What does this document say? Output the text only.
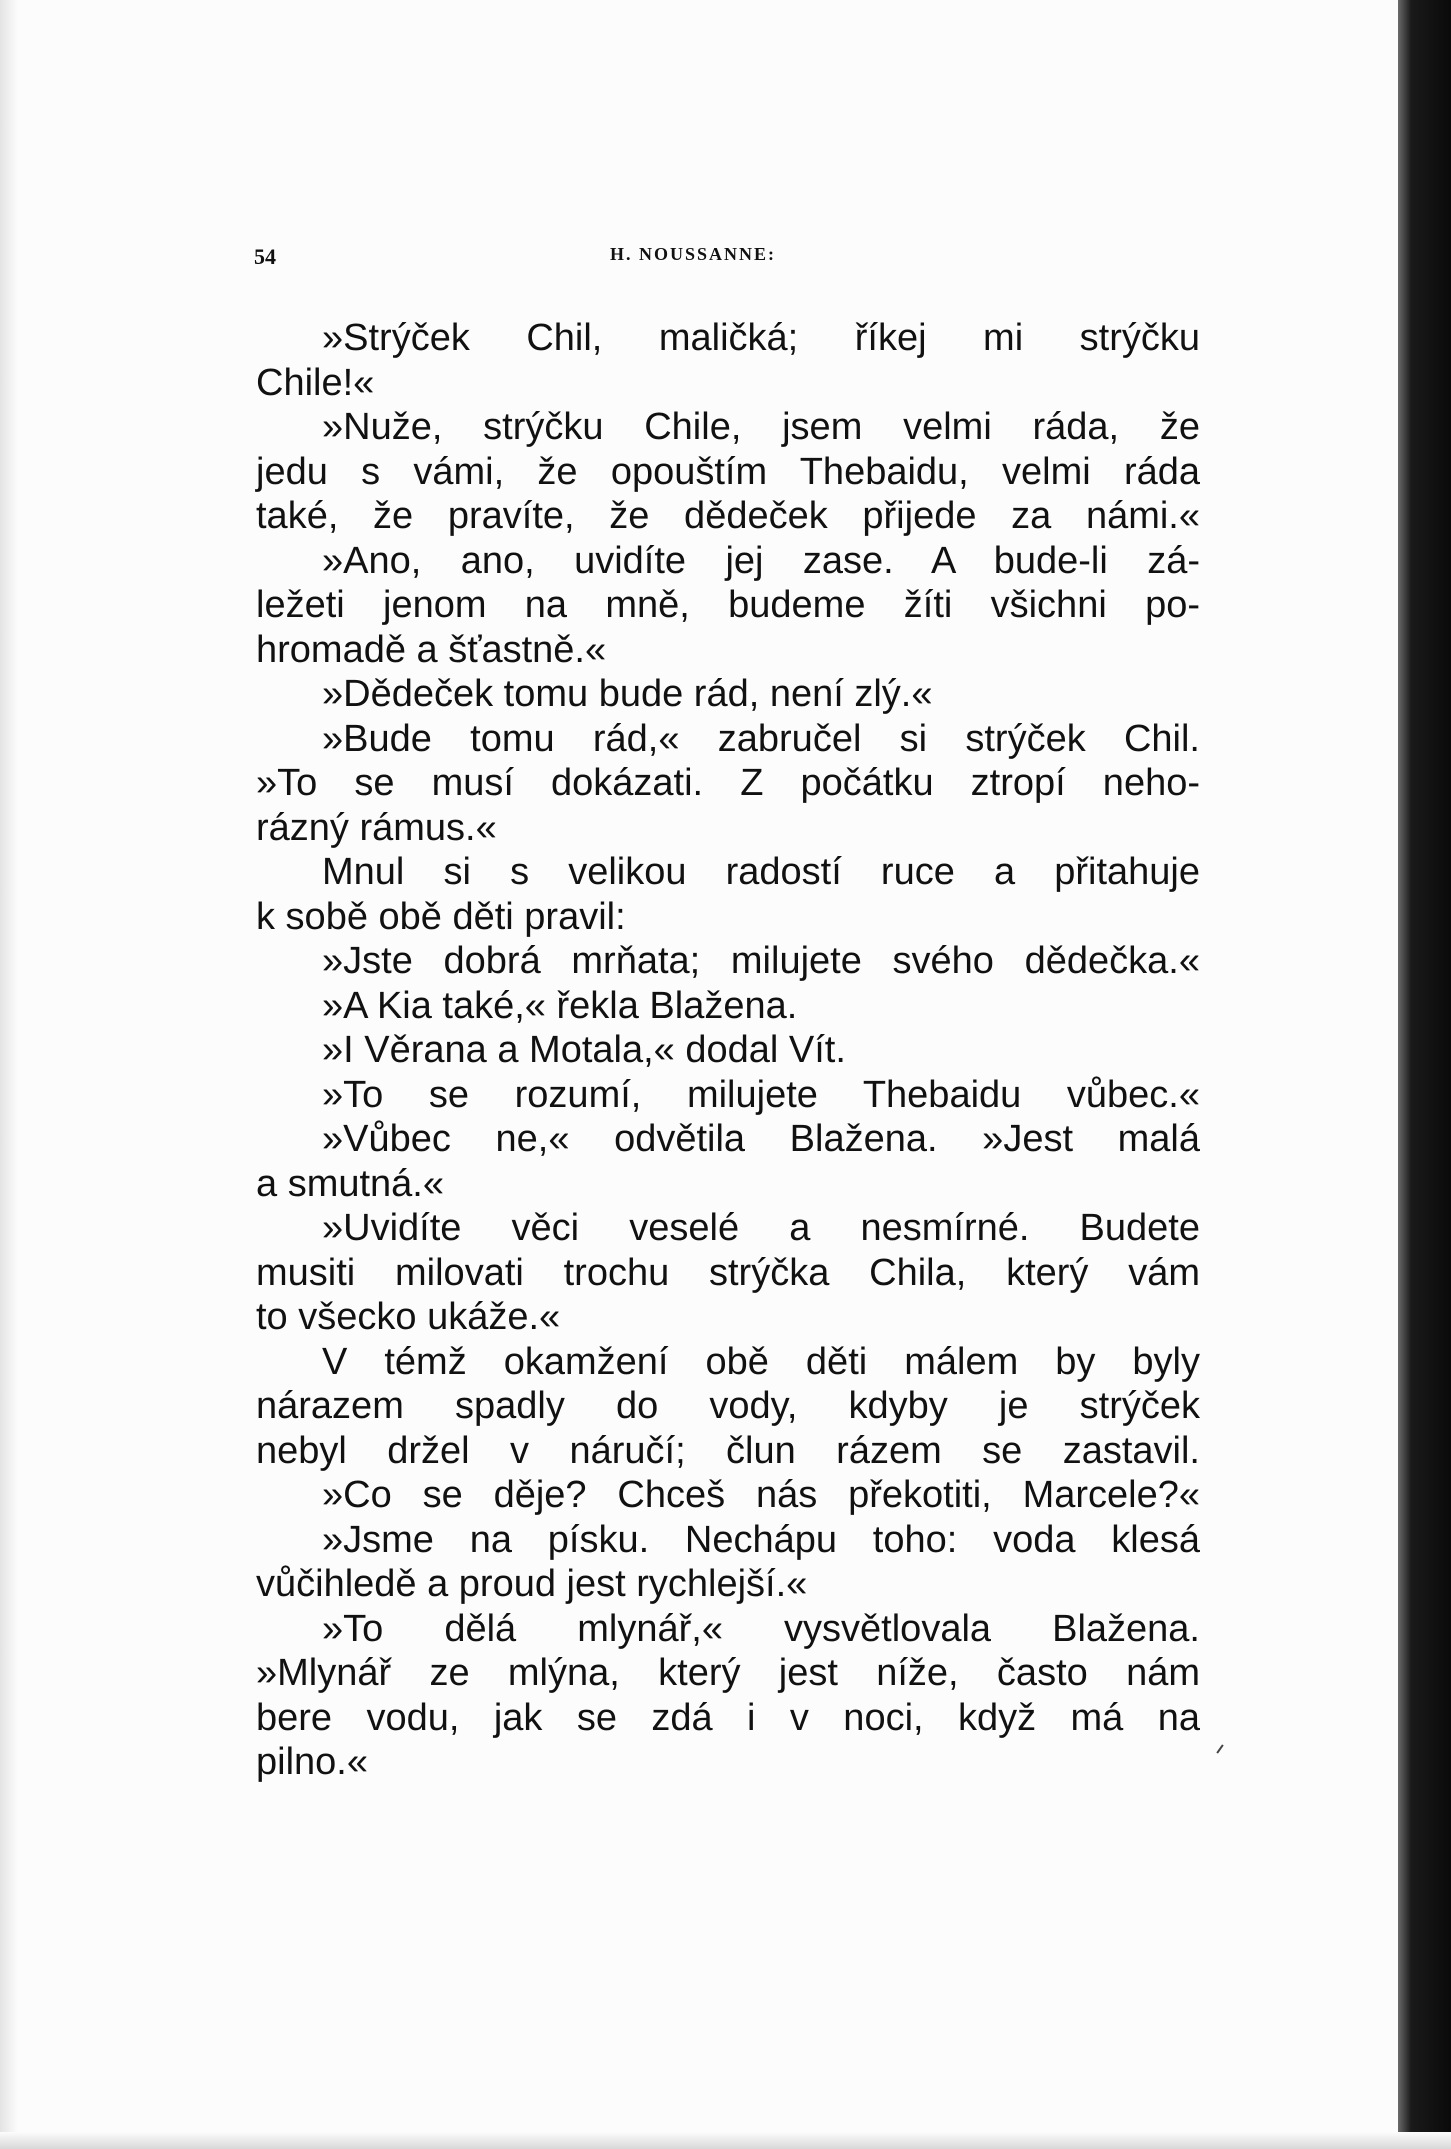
54	H. NOUSSANNE:
»Strýček Chil, maličká; říkej mi strýčku
Chile!«
»Nuže, strýčku Chile, jsem velmi ráda, že
jedu s vámi, že opouštím Thebaidu, velmi ráda
také, že pravíte, že dědeček přijede za námi.«
»Ano, ano, uvidíte jej zase. A bude-li zá-
ležeti jenom na mně, budeme žíti všichni po-
hromadě a šťastně.«
»Dědeček tomu bude rád, není zlý.«
»Bude tomu rád,« zabručel si strýček Chil.
»To se musí dokázati. Z počátku ztropí neho-
rázný rámus.«
Mnul si s velikou radostí ruce a přitahuje
k sobě obě děti pravil:
»Jste dobrá mrňata; milujete svého dědečka.«
»A Kia také,« řekla Blažena.
»I Věrana a Motala,« dodal Vít.
»To se rozumí, milujete Thebaidu vůbec.«
»Vůbec ne,« odvětila Blažena. »Jest malá
a smutná.«
»Uvidíte věci veselé a nesmírné. Budete
musiti milovati trochu strýčka Chila, který vám
to všecko ukáže.«
V témž okamžení obě děti málem by byly
nárazem spadly do vody, kdyby je strýček
nebyl držel v náručí; člun rázem se zastavil.
»Co se děje? Chceš nás překotiti, Marcele?«
»Jsme na písku. Nechápu toho: voda klesá
vůčihledě a proud jest rychlejší.«
»To dělá mlynář,« vysvětlovala Blažena.
»Mlynář ze mlýna, který jest níže, často nám
bere vodu, jak se zdá i v noci, když má na
pilno.«
